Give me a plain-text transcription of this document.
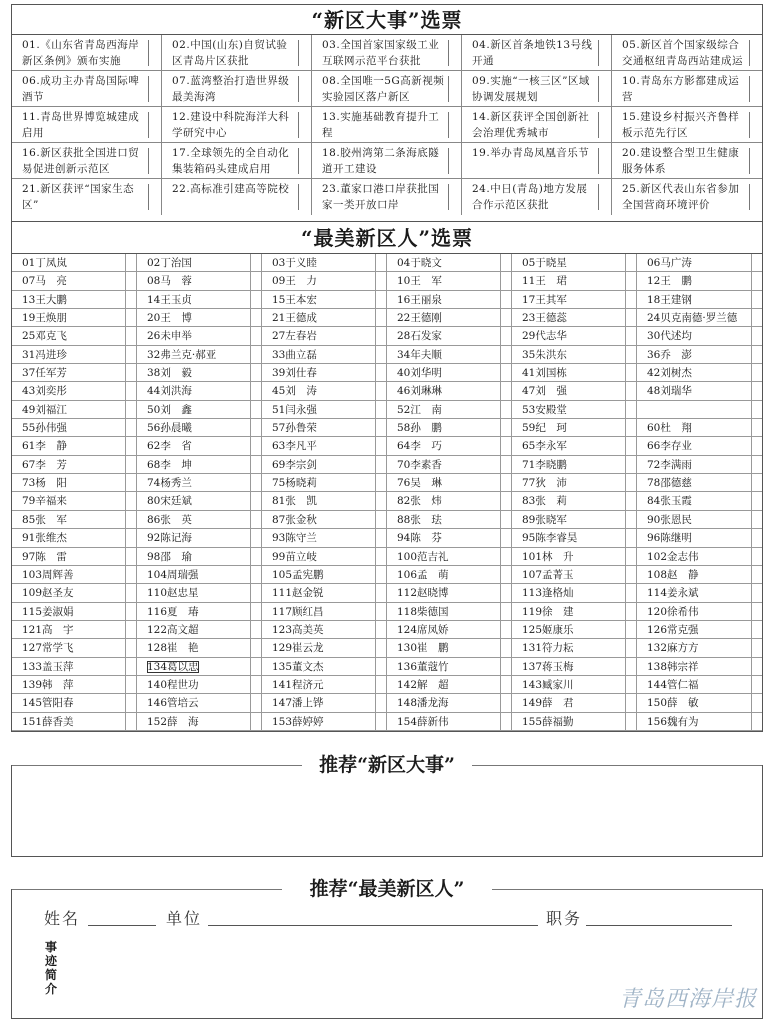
“新区大事”选票
01.《山东省青岛西海岸新区条例》颁布实施
02.中国(山东)自贸试验区青岛片区获批
03.全国首家国家级工业互联网示范平台获批
04.新区首条地铁13号线开通
05.新区首个国家级综合交通枢纽青岛西站建成运
06.成功主办青岛国际啤酒节
07.蓝湾整治打造世界级最美海湾
08.全国唯一5G高新视频实验园区落户新区
09.实施“一核三区”区域协调发展规划
10.青岛东方影都建成运营
11.青岛世界博览城建成启用
12.建设中科院海洋大科学研究中心
13.实施基础教育提升工程
14.新区获评全国创新社会治理优秀城市
15.建设乡村振兴齐鲁样板示范先行区
16.新区获批全国进口贸易促进创新示范区
17.全球领先的全自动化集装箱码头建成启用
18.胶州湾第二条海底隧道开工建设
19.举办青岛凤凰音乐节	20.建设整合型卫生健康服务体系
21.新区获评“国家生态区”
22.高标准引建高等院校	23.董家口港口岸获批国家一类开放口岸
24.中日(青岛)地方发展合作示范区获批
25.新区代表山东省参加全国营商环境评价
“最美新区人”选票
01丁凤岚	02丁治国	03于义睦	04于晓文	05于晓星	06马广涛
07马　亮	08马　蓉	09王　力	10王　军	11王　珺	12王　鹏
13王大鹏	14王玉贞	15王本宏	16王丽泉	17王其军	18王建钢
19王焕朋	20王　博	21王德成	22王德刚	23王德蕊	24贝克南德·罗兰德
25邓克飞	26未申举	27左春岩	28石发家	29代志华	30代述均
31冯进珍	32弗兰克·郝亚	33曲立磊	34年夫顺	35朱洪东	36乔　澎
37任军芳	38刘　毅	39刘仕春	40刘华明	41刘国栋	42刘树杰
43刘奕彤	44刘洪海	45刘　涛	46刘琳琳	47刘　强	48刘瑞华
49刘福江	50刘　鑫	51闫永强	52江　南	53安殿堂
55孙伟强	56孙晨曦	57孙鲁荣	58孙　鹏	59纪　珂	60杜　翔
61李　静	62李　省	63李凡平	64李　巧	65李永军	66李存业
67李　芳	68李　坤	69李宗剑	70李素香	71李晓鹏	72李满雨
73杨　阳	74杨秀兰	75杨晓莉	76吴　琳	77狄　沛	78邵德慈
79辛福来	80宋廷斌	81张　凯	82张　炜	83张　莉	84张玉霞
85张　军	86张　英	87张金秋	88张　珐	89张晓军	90张恩民
91张维杰	92陈记海	93陈守兰	94陈　芬	95陈李睿昊	96陈继明
97陈　雷	98邵　瑜	99苗立岐	100范吉礼	101林　升	102金志伟
103周辉善	104周瑞强	105孟宪鹏	106孟　萌	107孟菁玉	108赵　静
109赵圣友	110赵忠星	111赵金锐	112赵晓博	113逢格灿	114姜永斌
115姜淑娟	116夏　瑃	117顾红昌	118柴德国	119徐　建	120徐希伟
121高　宇	122高文超	123高美英	124席凤娇	125姬康乐	126常克强
127常学飞	128崔　艳	129崔云龙	130崔　鹏	131符力耘	132麻方方
133盖玉萍	134葛以忠	135董文杰	136董蔻竹	137蒋玉梅	138韩宗祥
139韩　萍	140程世功	141程济元	142解　超	143臧家川	144管仁福
145管阳春	146管培云	147潘上铧	148潘龙海	149薛　君	150薛　敏
151薛香美	152薛　海	153薛婷婷	154薛新伟	155薛福勤	156魏有为
推荐“新区大事”
推荐“最美新区人”
姓名	单位	职务
事迹简介	青岛西海岸报
